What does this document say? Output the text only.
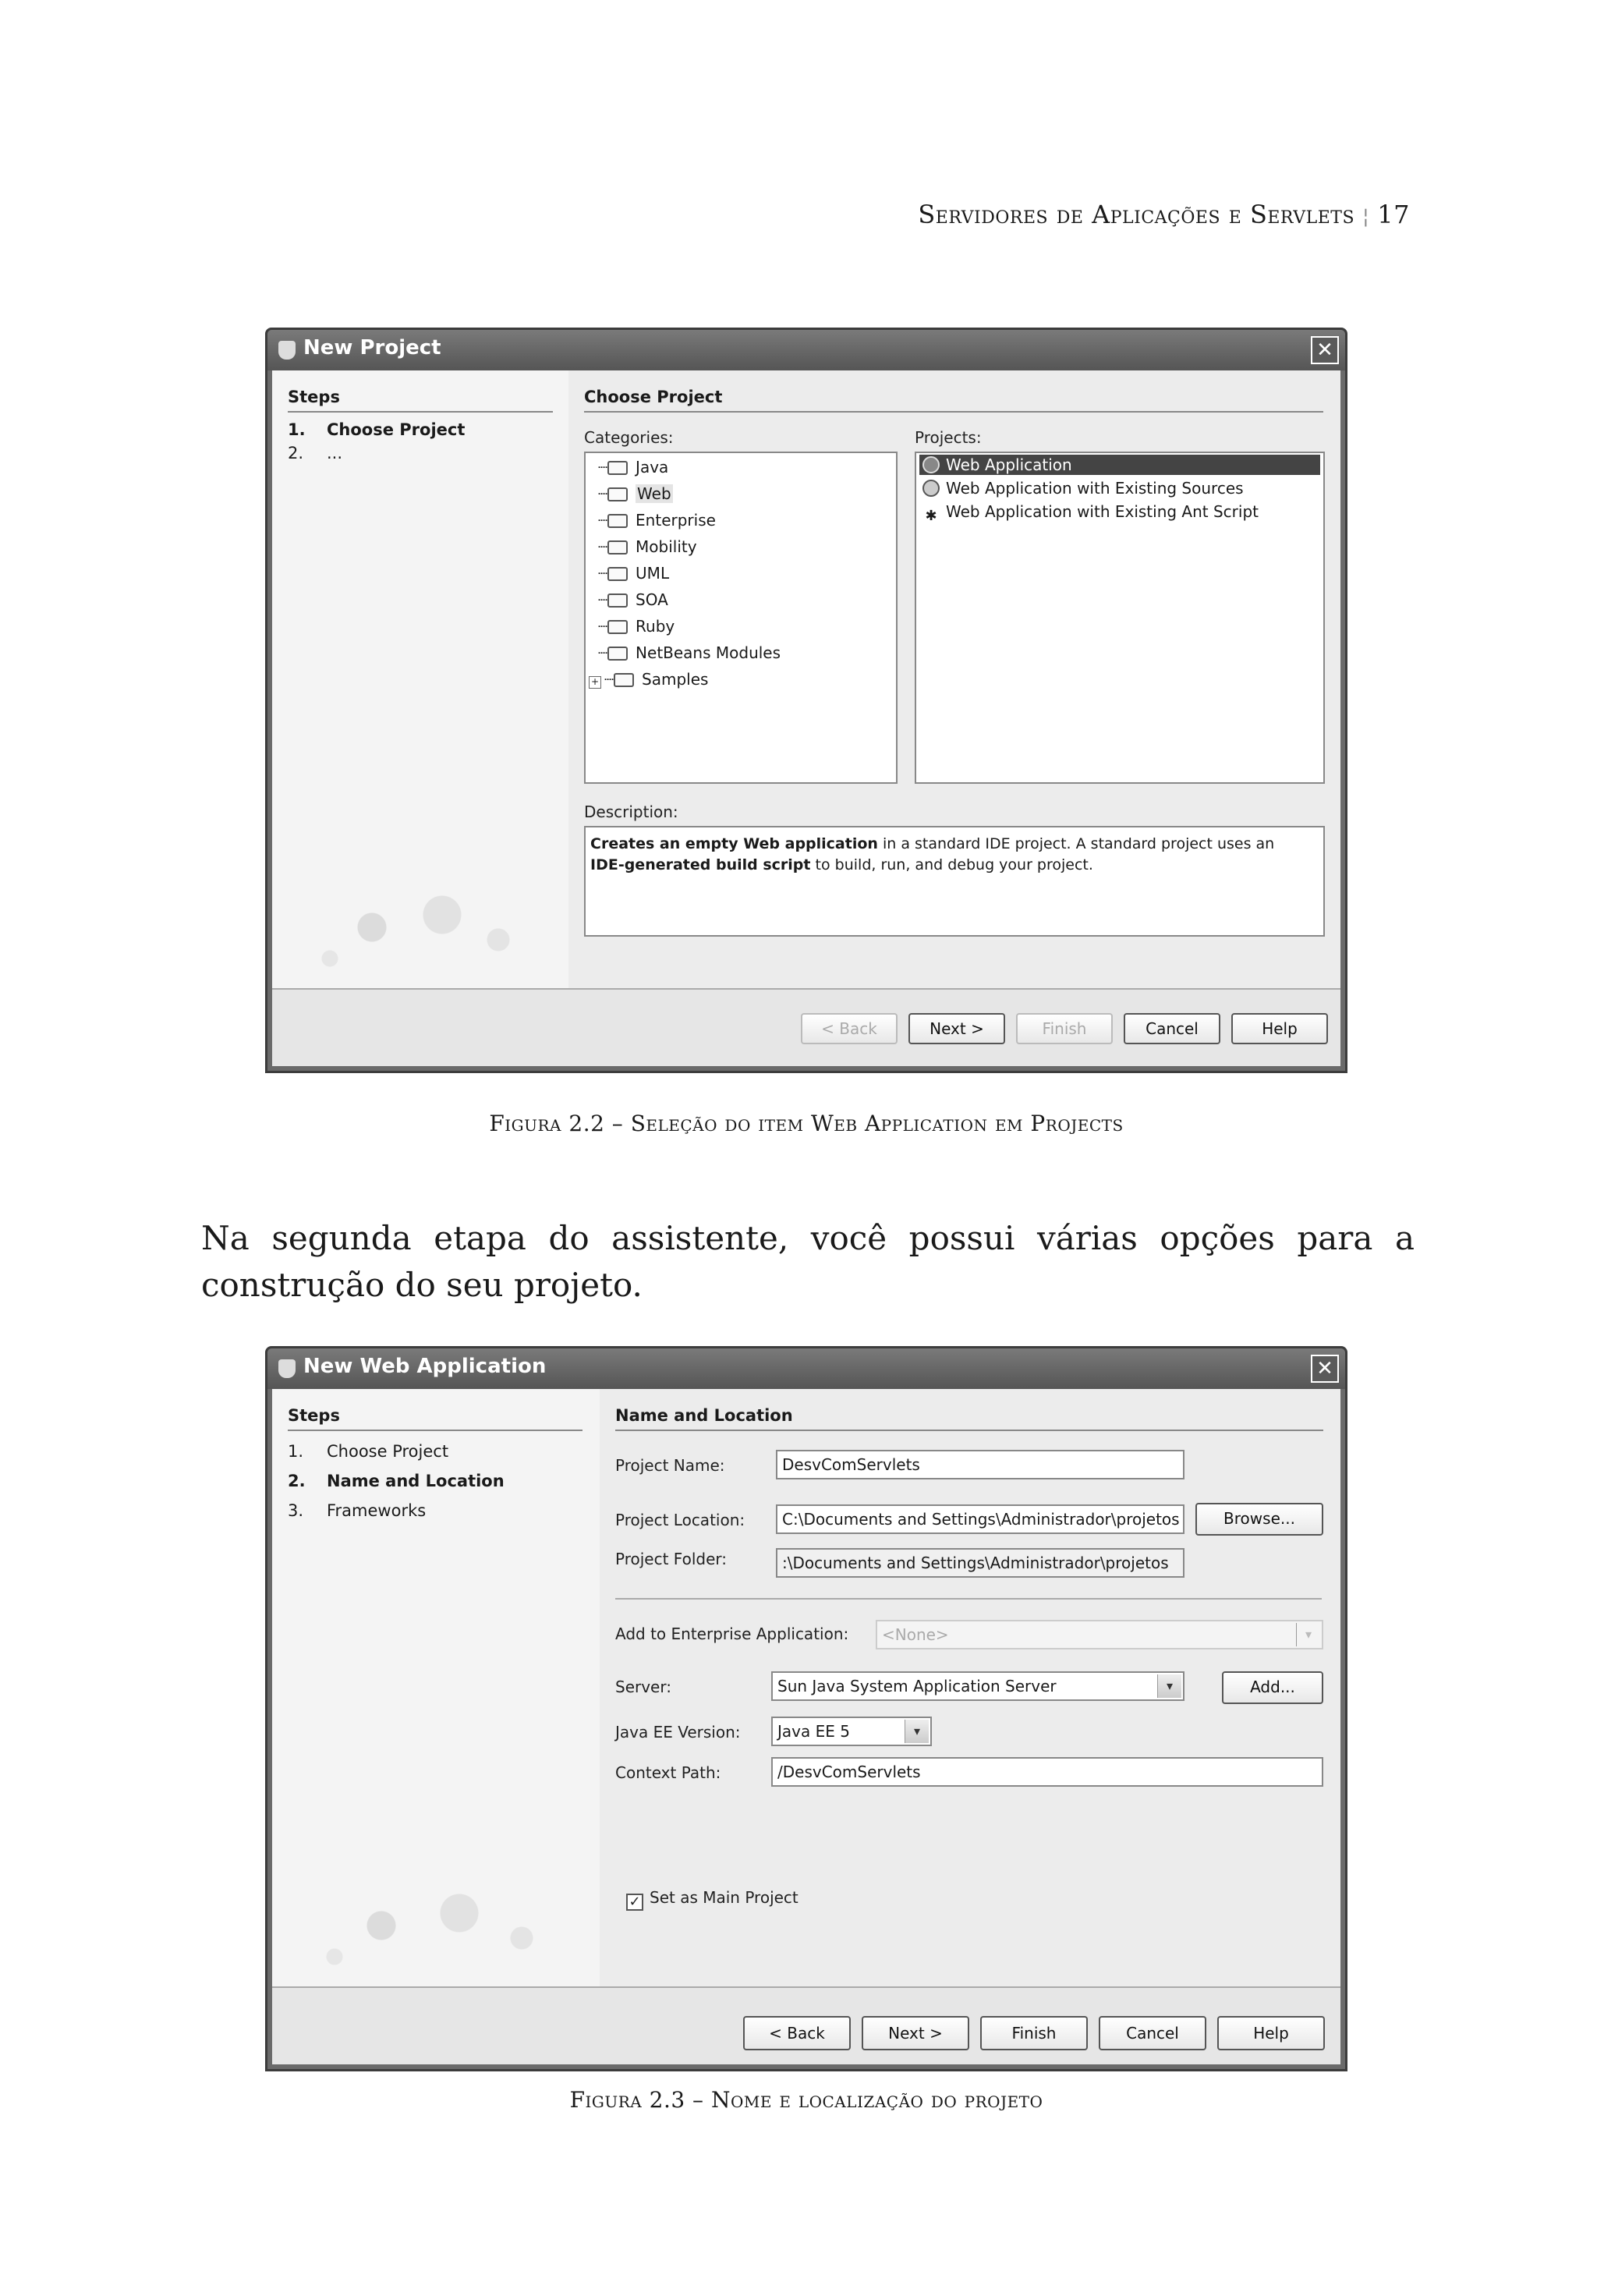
Servidores de Aplicações e Servlets ¦ 17
New Project	✕
Steps
1. Choose Project
2. ...
Choose Project
Categories:
┈ Java
┈ Web
┈ Enterprise
┈ Mobility
┈ UML
┈ SOA
┈ Ruby
┈ NetBeans Modules
+ ┈ Samples
Projects:
Web Application
Web Application with Existing Sources
✱ Web Application with Existing Ant Script
Description:
Creates an empty Web application in a standard IDE project. A standard project uses an
IDE-generated build script to build, run, and debug your project.
< Back	Next >	Finish	Cancel	Help
Figura 2.2 – Seleção do item Web Application em Projects
Na segunda etapa do assistente, você possui várias opções para a construção do seu projeto.
New Web Application	✕
Steps
1. Choose Project
2. Name and Location
3. Frameworks
Name and Location
Project Name:	DesvComServlets
Project Location:	C:\Documents and Settings\Administrador\projetos	Browse...
Project Folder:	:\Documents and Settings\Administrador\projetos
Add to Enterprise Application:	<None>	▾
Server:	Sun Java System Application Server	▾	Add...
Java EE Version:	Java EE 5	▾
Context Path:	/DesvComServlets
✓ Set as Main Project
< Back	Next >	Finish	Cancel	Help
Figura 2.3 – Nome e localização do projeto
